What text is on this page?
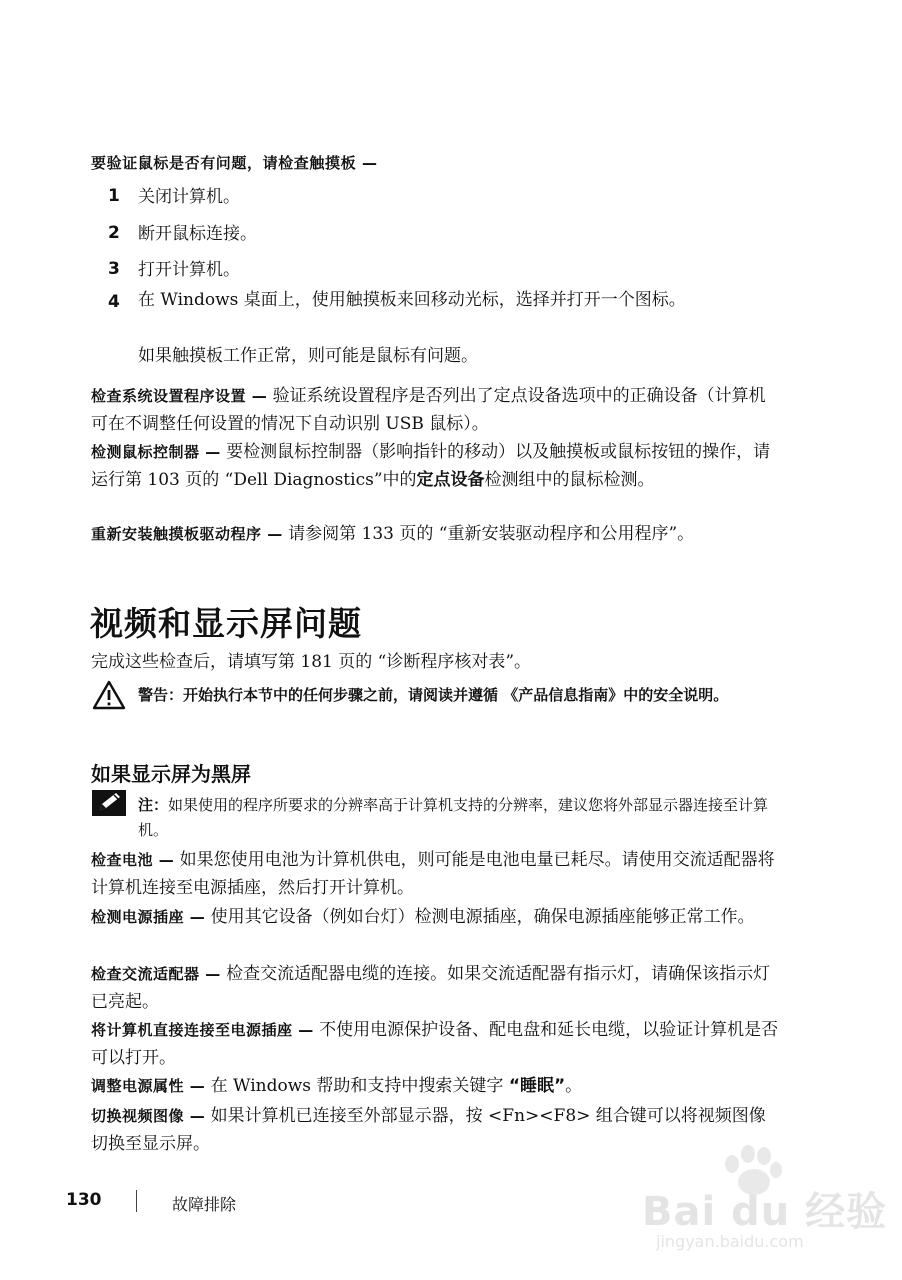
要验证鼠标是否有问题，请检查触摸板 —
1 关闭计算机。
2 断开鼠标连接。
3 打开计算机。
4 在 Windows 桌面上，使用触摸板来回移动光标，选择并打开一个图标。
如果触摸板工作正常，则可能是鼠标有问题。
检查系统设置程序设置 — 验证系统设置程序是否列出了定点设备选项中的正确设备（计算机可在不调整任何设置的情况下自动识别 USB 鼠标）。
检测鼠标控制器 — 要检测鼠标控制器（影响指针的移动）以及触摸板或鼠标按钮的操作，请运行第 103 页的 “Dell Diagnostics”中的定点设备检测组中的鼠标检测。
重新安装触摸板驱动程序 — 请参阅第 133 页的 “重新安装驱动程序和公用程序”。
视频和显示屏问题
完成这些检查后，请填写第 181 页的 “诊断程序核对表”。
警告：开始执行本节中的任何步骤之前，请阅读并遵循 《产品信息指南》中的安全说明。
如果显示屏为黑屏
注：如果使用的程序所要求的分辨率高于计算机支持的分辨率，建议您将外部显示器连接至计算机。
检查电池 — 如果您使用电池为计算机供电，则可能是电池电量已耗尽。请使用交流适配器将计算机连接至电源插座，然后打开计算机。
检测电源插座 — 使用其它设备（例如台灯）检测电源插座，确保电源插座能够正常工作。
检查交流适配器 — 检查交流适配器电缆的连接。如果交流适配器有指示灯，请确保该指示灯已亮起。
将计算机直接连接至电源插座 — 不使用电源保护设备、配电盘和延长电缆，以验证计算机是否可以打开。
调整电源属性 — 在 Windows 帮助和支持中搜索关键字 “睡眠”。
切换视频图像 — 如果计算机已连接至外部显示器，按 <Fn><F8> 组合键可以将视频图像切换至显示屏。
130	故障排除	Bai du 经验
jingyan.baidu.com
